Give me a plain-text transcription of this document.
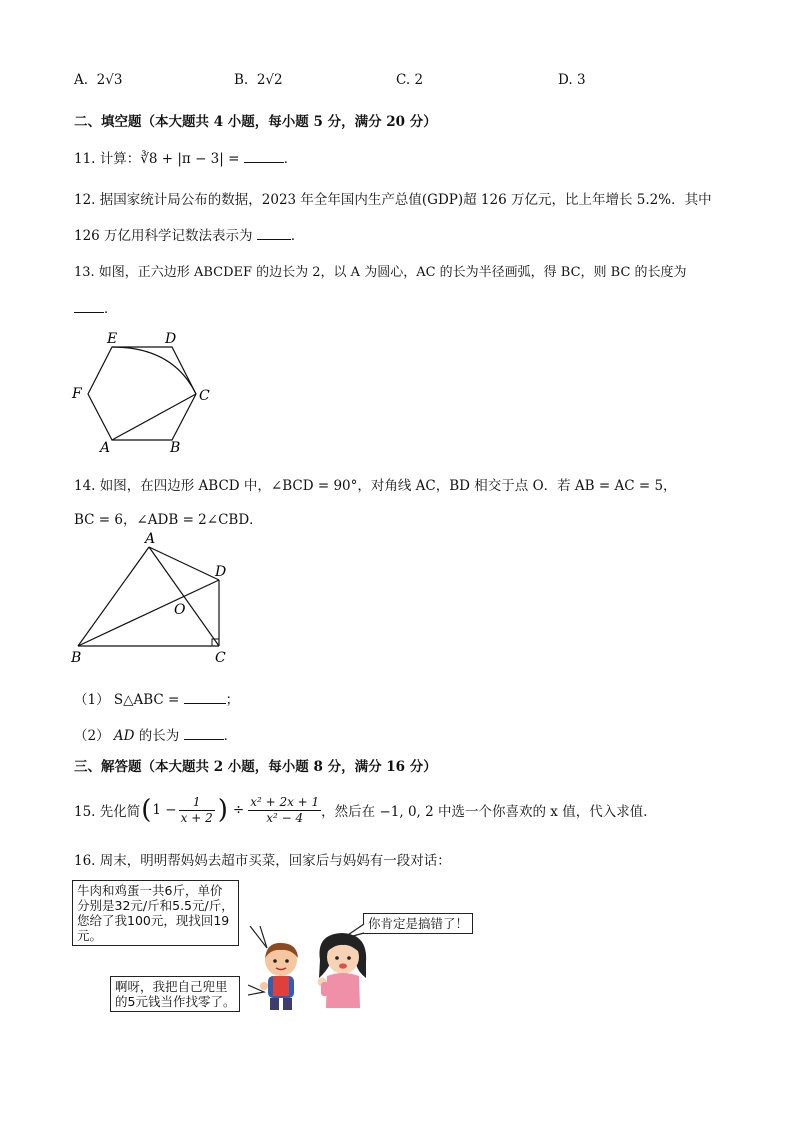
A. 2√3	B. 2√2	C. 2	D. 3
二、填空题（本大题共 4 小题，每小题 5 分，满分 20 分）
11. 计算：∛8 + |π − 3| =	．
12. 据国家统计局公布的数据，2023 年全年国内生产总值(GDP)超 126 万亿元，比上年增长 5.2%．其中
126 万亿用科学记数法表示为	．
13. 如图，正六边形 ABCDEF 的边长为 2，以 A 为圆心，AC 的长为半径画弧，得 BC，则 BC 的长度为
．
E	D
F	C
A	B
14. 如图，在四边形 ABCD 中，∠BCD = 90°，对角线 AC，BD 相交于点 O．若 AB = AC = 5，
BC = 6，∠ADB = 2∠CBD．
A
D
O
B	C
（1） S△ABC =	；
（2） AD 的长为	．
三、解答题（本大题共 2 小题，每小题 8 分，满分 16 分）
15. 先化简 ( $1 - \frac{1}{x + 2}$ ) ÷ $\frac{\text{x² + 2x + 1}}{\text{x² − 4}}$ ，然后在 −1, 0, 2 中选一个你喜欢的 x 值，代入求值．
16. 周末，明明帮妈妈去超市买菜，回家后与妈妈有一段对话：
牛肉和鸡蛋一共6斤，单价
分别是32元/斤和5.5元/斤，
您给了我100元，现找回19
元。
你肯定是搞错了！
啊呀，我把自己兜里
的5元钱当作找零了。
